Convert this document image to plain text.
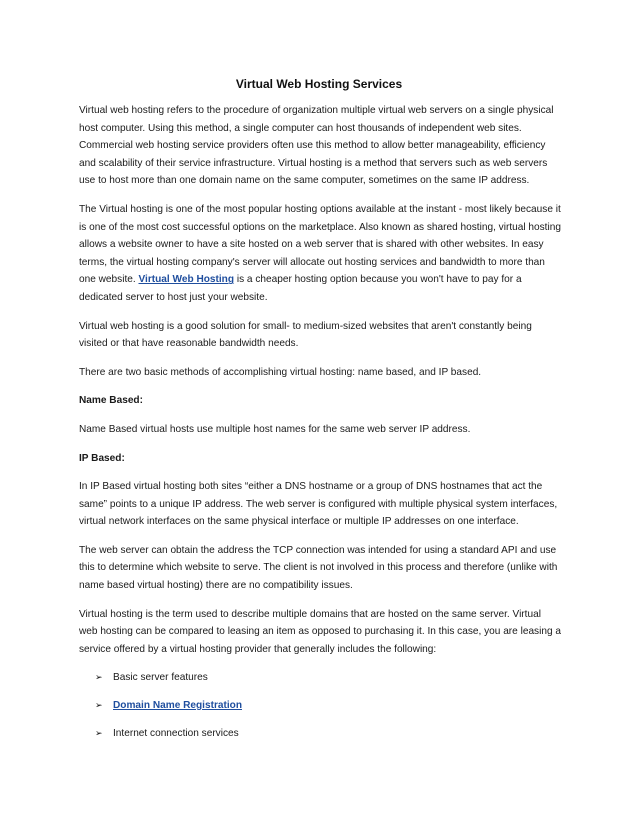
Virtual Web Hosting Services

Virtual web hosting refers to the procedure of organization multiple virtual web servers on a single physical host computer. Using this method, a single computer can host thousands of independent web sites. Commercial web hosting service providers often use this method to allow better manageability, efficiency and scalability of their service infrastructure. Virtual hosting is a method that servers such as web servers use to host more than one domain name on the same computer, sometimes on the same IP address.

The Virtual hosting is one of the most popular hosting options available at the instant - most likely because it is one of the most cost successful options on the marketplace. Also known as shared hosting, virtual hosting allows a website owner to have a site hosted on a web server that is shared with other websites. In easy terms, the virtual hosting company's server will allocate out hosting services and bandwidth to more than one website. Virtual Web Hosting is a cheaper hosting option because you won't have to pay for a dedicated server to host just your website.

Virtual web hosting is a good solution for small- to medium-sized websites that aren't constantly being visited or that have reasonable bandwidth needs.

There are two basic methods of accomplishing virtual hosting: name based, and IP based.

Name Based:

Name Based virtual hosts use multiple host names for the same web server IP address.

IP Based:

In IP Based virtual hosting both sites “either a DNS hostname or a group of DNS hostnames that act the same” points to a unique IP address. The web server is configured with multiple physical system interfaces, virtual network interfaces on the same physical interface or multiple IP addresses on one interface.

The web server can obtain the address the TCP connection was intended for using a standard API and use this to determine which website to serve. The client is not involved in this process and therefore (unlike with name based virtual hosting) there are no compatibility issues.

Virtual hosting is the term used to describe multiple domains that are hosted on the same server. Virtual web hosting can be compared to leasing an item as opposed to purchasing it. In this case, you are leasing a service offered by a virtual hosting provider that generally includes the following:

➢	Basic server features
➢	Domain Name Registration
➢	Internet connection services
